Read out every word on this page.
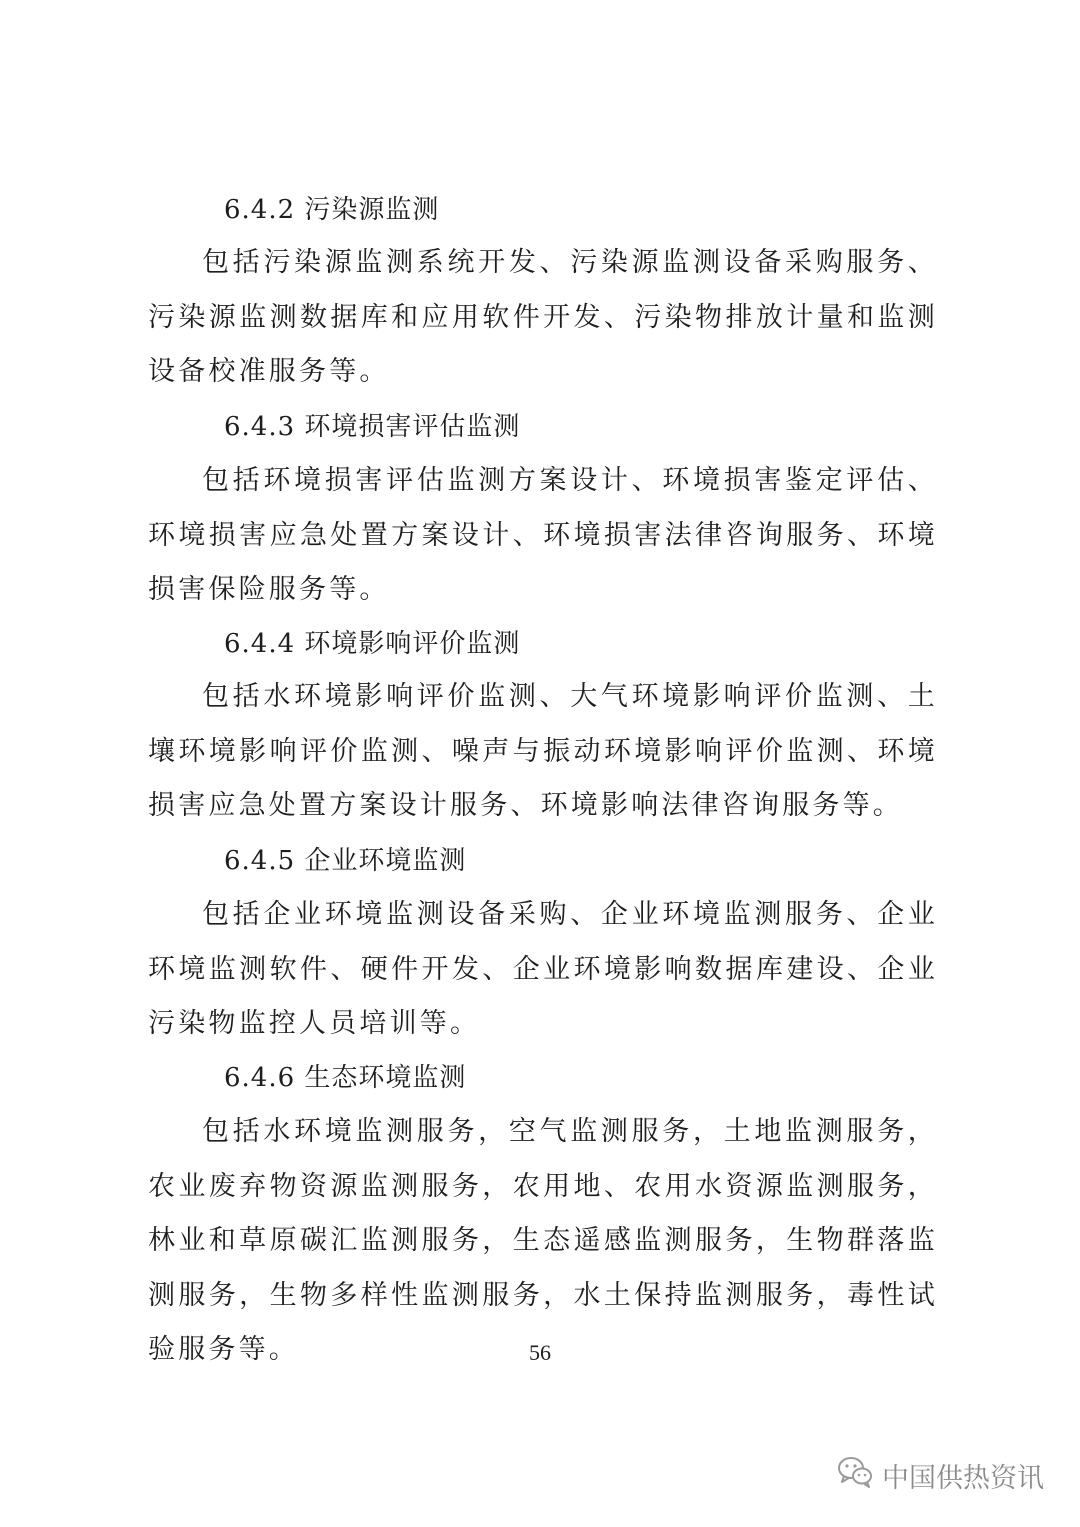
6.4.2 污染源监测
包括污染源监测系统开发、污染源监测设备采购服务、污染源监测数据库和应用软件开发、污染物排放计量和监测设备校准服务等。
6.4.3 环境损害评估监测
包括环境损害评估监测方案设计、环境损害鉴定评估、环境损害应急处置方案设计、环境损害法律咨询服务、环境损害保险服务等。
6.4.4 环境影响评价监测
包括水环境影响评价监测、大气环境影响评价监测、土壤环境影响评价监测、噪声与振动环境影响评价监测、环境损害应急处置方案设计服务、环境影响法律咨询服务等。
6.4.5 企业环境监测
包括企业环境监测设备采购、企业环境监测服务、企业环境监测软件、硬件开发、企业环境影响数据库建设、企业污染物监控人员培训等。
6.4.6 生态环境监测
包括水环境监测服务，空气监测服务，土地监测服务，农业废弃物资源监测服务，农用地、农用水资源监测服务，林业和草原碳汇监测服务，生态遥感监测服务，生物群落监测服务，生物多样性监测服务，水土保持监测服务，毒性试验服务等。	56
中国供热资讯
